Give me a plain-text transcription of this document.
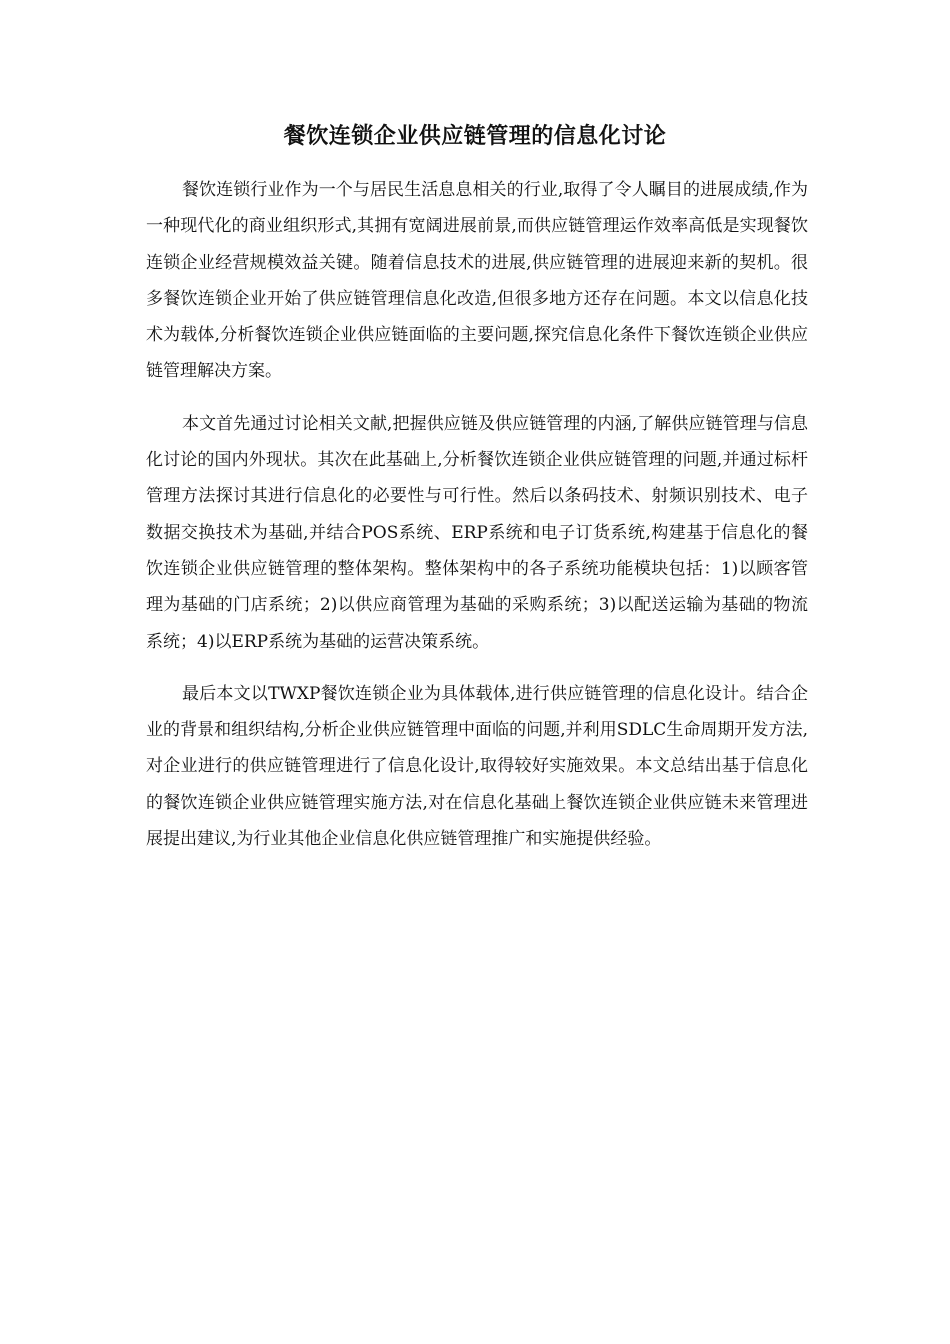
餐饮连锁企业供应链管理的信息化讨论

餐饮连锁行业作为一个与居民生活息息相关的行业,取得了令人瞩目的进展成绩,作为一种现代化的商业组织形式,其拥有宽阔进展前景,而供应链管理运作效率高低是实现餐饮连锁企业经营规模效益关键。随着信息技术的进展,供应链管理的进展迎来新的契机。很多餐饮连锁企业开始了供应链管理信息化改造,但很多地方还存在问题。本文以信息化技术为载体,分析餐饮连锁企业供应链面临的主要问题,探究信息化条件下餐饮连锁企业供应链管理解决方案。

本文首先通过讨论相关文献,把握供应链及供应链管理的内涵,了解供应链管理与信息化讨论的国内外现状。其次在此基础上,分析餐饮连锁企业供应链管理的问题,并通过标杆管理方法探讨其进行信息化的必要性与可行性。然后以条码技术、射频识别技术、电子数据交换技术为基础,并结合POS系统、ERP系统和电子订货系统,构建基于信息化的餐饮连锁企业供应链管理的整体架构。整体架构中的各子系统功能模块包括：1)以顾客管理为基础的门店系统；2)以供应商管理为基础的采购系统；3)以配送运输为基础的物流系统；4)以ERP系统为基础的运营决策系统。

最后本文以TWXP餐饮连锁企业为具体载体,进行供应链管理的信息化设计。结合企业的背景和组织结构,分析企业供应链管理中面临的问题,并利用SDLC生命周期开发方法,对企业进行的供应链管理进行了信息化设计,取得较好实施效果。本文总结出基于信息化的餐饮连锁企业供应链管理实施方法,对在信息化基础上餐饮连锁企业供应链未来管理进展提出建议,为行业其他企业信息化供应链管理推广和实施提供经验。
